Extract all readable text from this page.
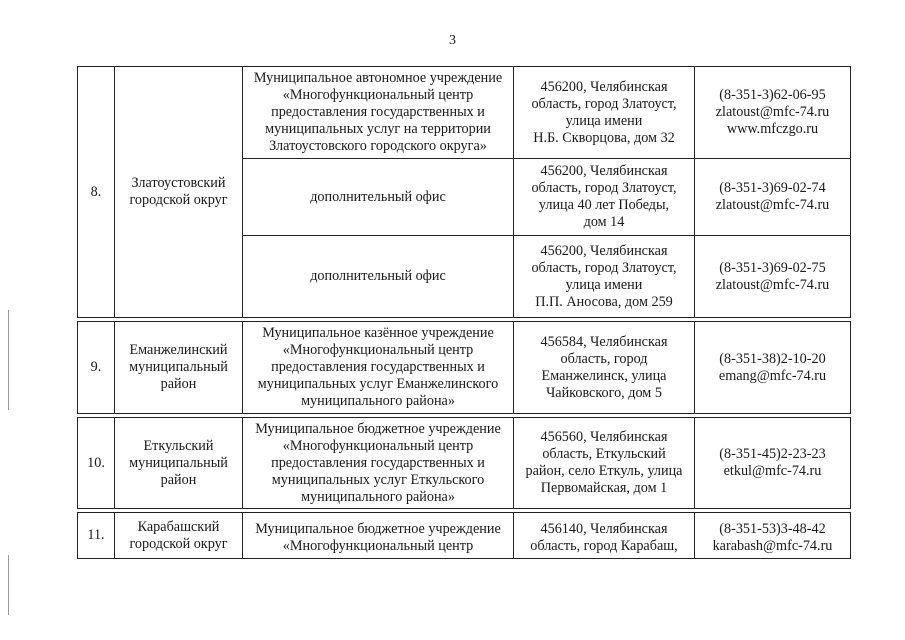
3
8.	Златоустовский
городской округ	Муниципальное автономное учреждение
«Многофункциональный центр
предоставления государственных и
муниципальных услуг на территории
Златоустовского городского округа»	456200, Челябинская
область, город Златоуст,
улица имени
Н.Б. Скворцова, дом 32	(8-351-3)62-06-95
zlatoust@mfc-74.ru
www.mfczgo.ru

		дополнительный офис	456200, Челябинская
область, город Златоуст,
улица 40 лет Победы,
дом 14	(8-351-3)69-02-74
zlatoust@mfc-74.ru

		дополнительный офис	456200, Челябинская
область, город Златоуст,
улица имени
П.П. Аносова, дом 259	(8-351-3)69-02-75
zlatoust@mfc-74.ru

9.	Еманжелинский
муниципальный
район	Муниципальное казённое учреждение
«Многофункциональный центр
предоставления государственных и
муниципальных услуг Еманжелинского
муниципального района»	456584, Челябинская
область, город
Еманжелинск, улица
Чайковского, дом 5	(8-351-38)2-10-20
emang@mfc-74.ru

10.	Еткульский
муниципальный
район	Муниципальное бюджетное учреждение
«Многофункциональный центр
предоставления государственных и
муниципальных услуг Еткульского
муниципального района»	456560, Челябинская
область, Еткульский
район, село Еткуль, улица
Первомайская, дом 1	(8-351-45)2-23-23
etkul@mfc-74.ru

11.	Карабашский
городской округ	Муниципальное бюджетное учреждение
«Многофункциональный центр	456140, Челябинская
область, город Карабаш,	(8-351-53)3-48-42
karabash@mfc-74.ru
